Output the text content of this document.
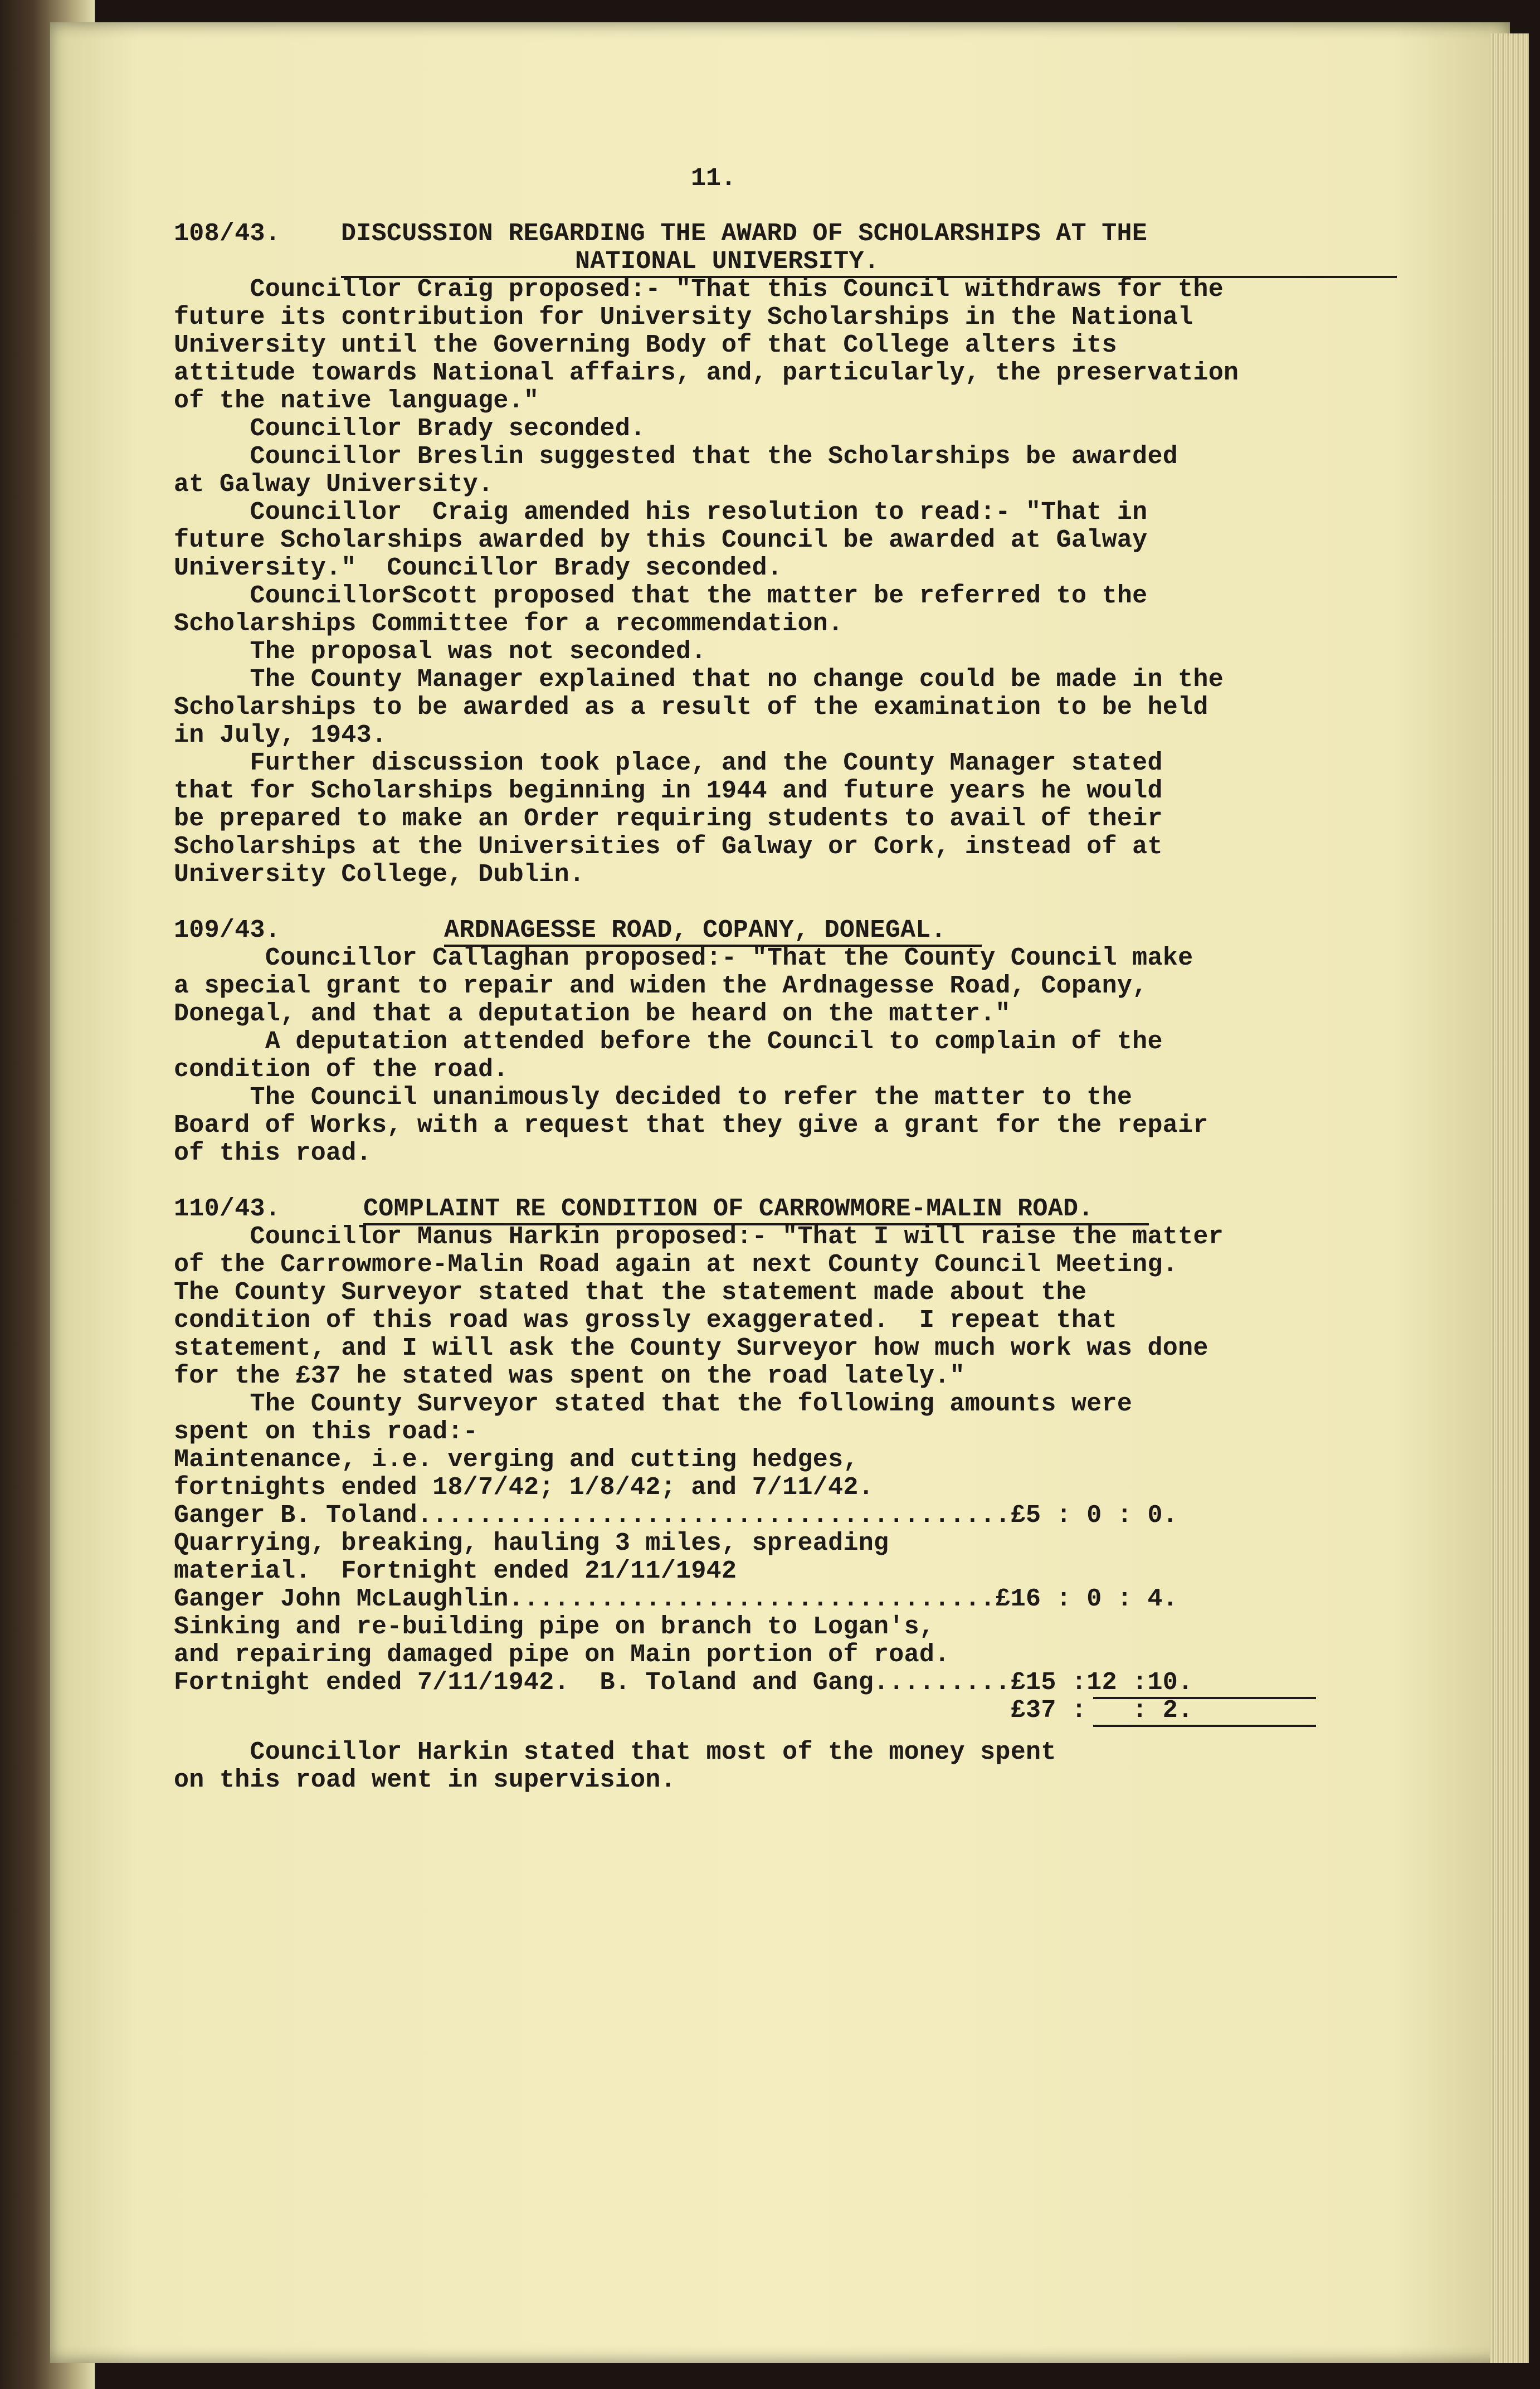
:
11.

108/43.

DISCUSSION REGARDING THE AWARD OF SCHOLARSHIPS AT THE

NATIONAL UNIVERSITY.

Councillor Craig proposed:- "That this Council withdraws for the

future its contribution for University Scholarships in the National

University until the Governing Body of that College alters its

attitude towards National affairs, and, particularly, the preservation

of the native language."

Councillor Brady seconded.

Councillor Breslin suggested that the Scholarships be awarded

at Galway University.

Councillor  Craig amended his resolution to read:- "That in

future Scholarships awarded by this Council be awarded at Galway

University."  Councillor Brady seconded.

CouncillorScott proposed that the matter be referred to the

Scholarships Committee for a recommendation.

The proposal was not seconded.

The County Manager explained that no change could be made in the

Scholarships to be awarded as a result of the examination to be held

in July, 1943.

Further discussion took place, and the County Manager stated

that for Scholarships beginning in 1944 and future years he would

be prepared to make an Order requiring students to avail of their

Scholarships at the Universities of Galway or Cork, instead of at

University College, Dublin.

109/43.

	ARDNAGESSE ROAD, COPANY, DONEGAL.

Councillor Callaghan proposed:- "That the County Council make

a special grant to repair and widen the Ardnagesse Road, Copany,

Donegal, and that a deputation be heard on the matter."

A deputation attended before the Council to complain of the

condition of the road.

The Council unanimously decided to refer the matter to the

Board of Works, with a request that they give a grant for the repair

of this road.

110/43.

	COMPLAINT RE CONDITION OF CARROWMORE-MALIN ROAD.

Councillor Manus Harkin proposed:- "That I will raise the matter

of the Carrowmore-Malin Road again at next County Council Meeting.

The County Surveyor stated that the statement made about the

condition of this road was grossly exaggerated.  I repeat that

statement, and I will ask the County Surveyor how much work was done

for the £37 he stated was spent on the road lately."

The County Surveyor stated that the following amounts were

spent on this road:-

Maintenance, i.e. verging and cutting hedges,

fortnights ended 18/7/42; 1/8/42; and 7/11/42.

Ganger B. Toland.......................................£5 : 0 : 0.

Quarrying, breaking, hauling 3 miles, spreading

material.  Fortnight ended 21/11/1942

Ganger John McLaughlin................................£16 : 0 : 4.

Sinking and re-building pipe on branch to Logan's,

and repairing damaged pipe on Main portion of road.

Fortnight ended 7/11/1942.  B. Toland and Gang.........£15 :12 :10.

£37 :   : 2.

Councillor Harkin stated that most of the money spent

on this road went in supervision.
